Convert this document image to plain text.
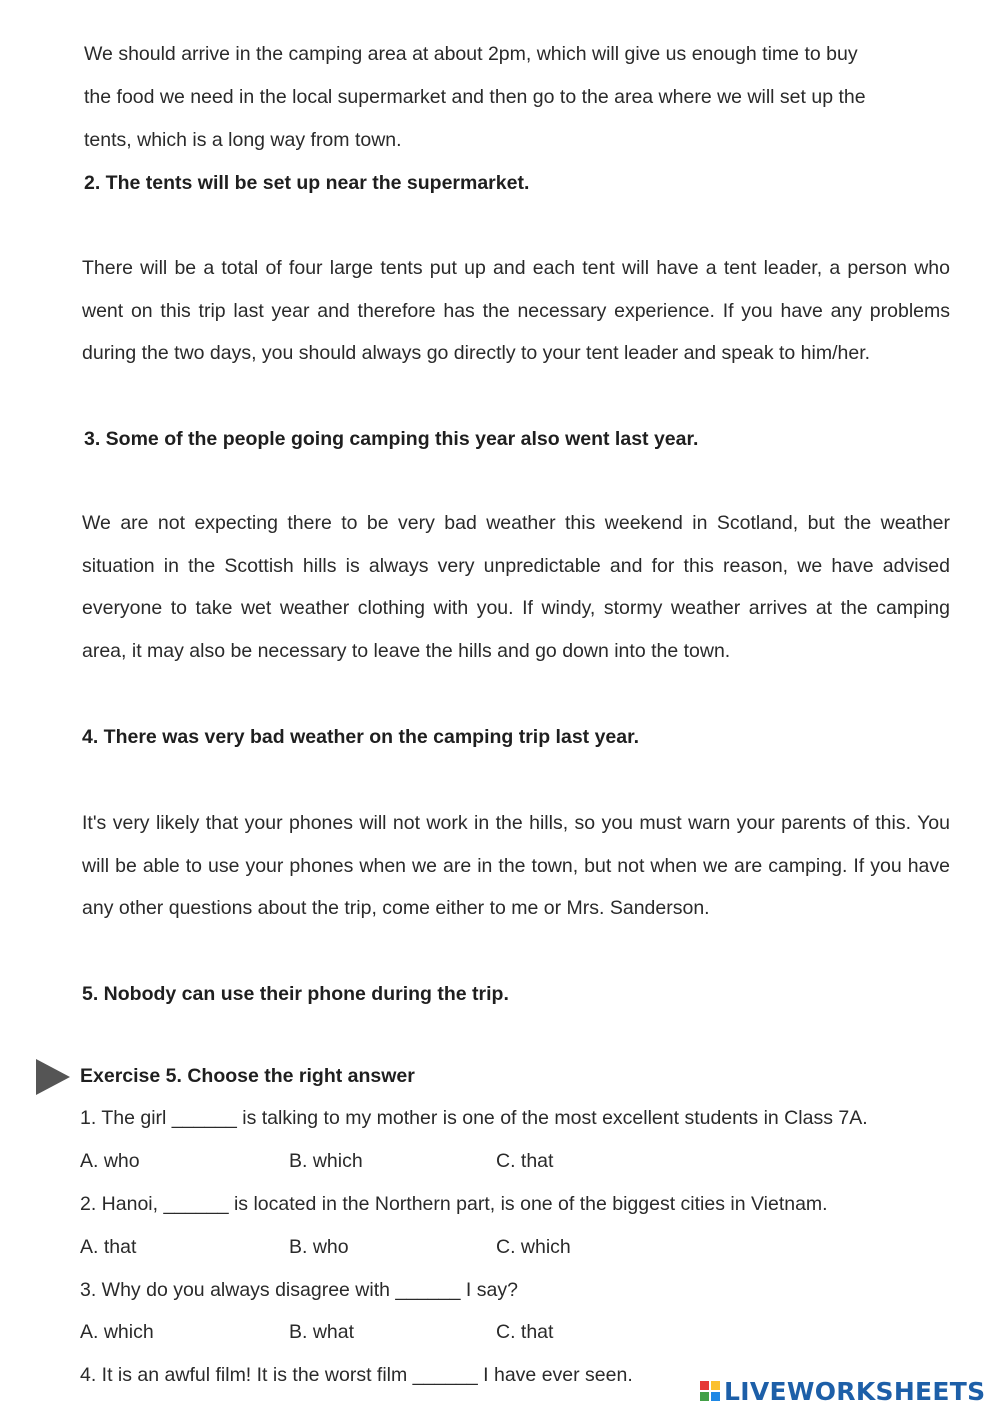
We should arrive in the camping area at about 2pm, which will give us enough time to buy
the food we need in the local supermarket and then go to the area where we will set up the
tents, which is a long way from town.
2. The tents will be set up near the supermarket.
There will be a total of four large tents put up and each tent will have a tent leader, a person who went on this trip last year and therefore has the necessary experience. If you have any problems during the two days, you should always go directly to your tent leader and speak to him/her.
3. Some of the people going camping this year also went last year.
We are not expecting there to be very bad weather this weekend in Scotland, but the weather situation in the Scottish hills is always very unpredictable and for this reason, we have advised everyone to take wet weather clothing with you. If windy, stormy weather arrives at the camping area, it may also be necessary to leave the hills and go down into the town.
4. There was very bad weather on the camping trip last year.
It's very likely that your phones will not work in the hills, so you must warn your parents of this. You will be able to use your phones when we are in the town, but not when we are camping. If you have any other questions about the trip, come either to me or Mrs. Sanderson.
5. Nobody can use their phone during the trip.
Exercise 5. Choose the right answer
1. The girl ______ is talking to my mother is one of the most excellent students in Class 7A.
A. who	B. which	C. that
2. Hanoi, ______ is located in the Northern part, is one of the biggest cities in Vietnam.
A. that	B. who	C. which
3. Why do you always disagree with ______ I say?
A. which	B. what	C. that
4. It is an awful film! It is the worst film ______ I have ever seen.
LIVEWORKSHEETS
